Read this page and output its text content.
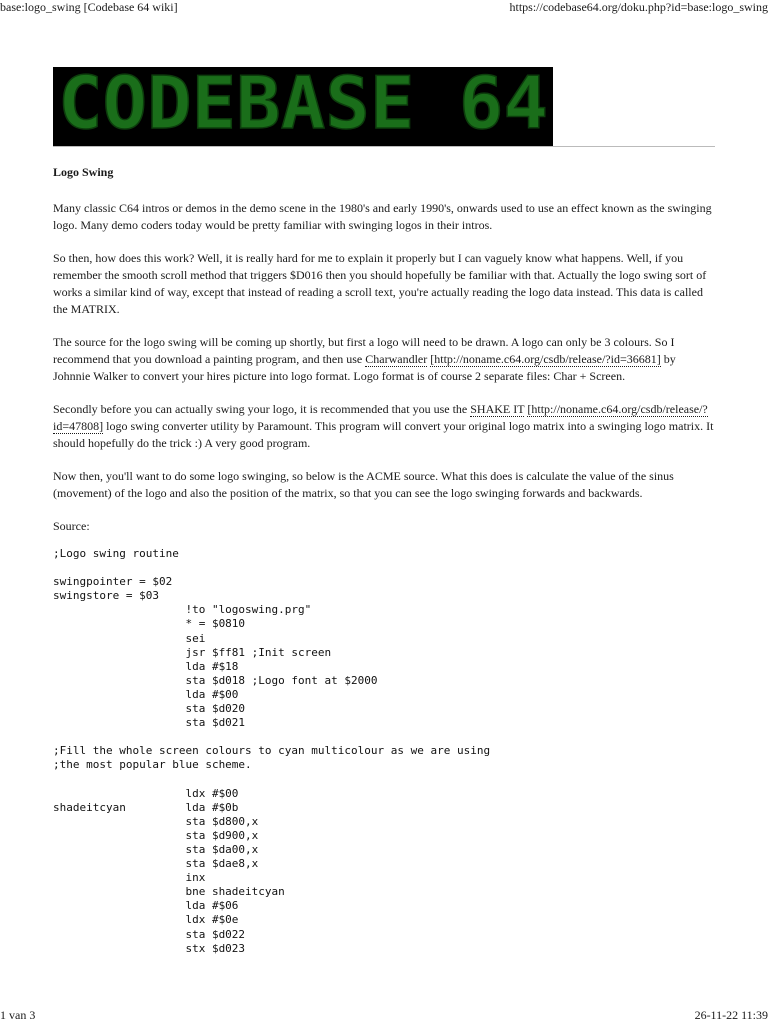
base:logo_swing [Codebase 64 wiki]	https://codebase64.org/doku.php?id=base:logo_swing
CODEBASE 64
Logo Swing

Many classic C64 intros or demos in the demo scene in the 1980's and early 1990's, onwards used to use an effect known as the swinging logo. Many demo coders today would be pretty familiar with swinging logos in their intros.

So then, how does this work? Well, it is really hard for me to explain it properly but I can vaguely know what happens. Well, if you remember the smooth scroll method that triggers $D016 then you should hopefully be familiar with that. Actually the logo swing sort of works a similar kind of way, except that instead of reading a scroll text, you're actually reading the logo data instead. This data is called the MATRIX.

The source for the logo swing will be coming up shortly, but first a logo will need to be drawn. A logo can only be 3 colours. So I recommend that you download a painting program, and then use Charwandler [http://noname.c64.org/csdb/release/?id=36681] by Johnnie Walker to convert your hires picture into logo format. Logo format is of course 2 separate files: Char + Screen.

Secondly before you can actually swing your logo, it is recommended that you use the SHAKE IT [http://noname.c64.org/csdb/release/?id=47808] logo swing converter utility by Paramount. This program will convert your original logo matrix into a swinging logo matrix. It should hopefully do the trick :) A very good program.

Now then, you'll want to do some logo swinging, so below is the ACME source. What this does is calculate the value of the sinus (movement) of the logo and also the position of the matrix, so that you can see the logo swinging forwards and backwards.

Source:

;Logo swing routine

swingpointer = $02
swingstore = $03
!to "logoswing.prg"
* = $0810
sei
jsr $ff81 ;Init screen
lda #$18
sta $d018 ;Logo font at $2000
lda #$00
sta $d020
sta $d021

;Fill the whole screen colours to cyan multicolour as we are using
;the most popular blue scheme.

ldx #$00
shadeitcyan         lda #$0b
sta $d800,x
sta $d900,x
sta $da00,x
sta $dae8,x
inx
bne shadeitcyan
lda #$06
ldx #$0e
sta $d022
stx $d023
1 van 3	26-11-22 11:39
